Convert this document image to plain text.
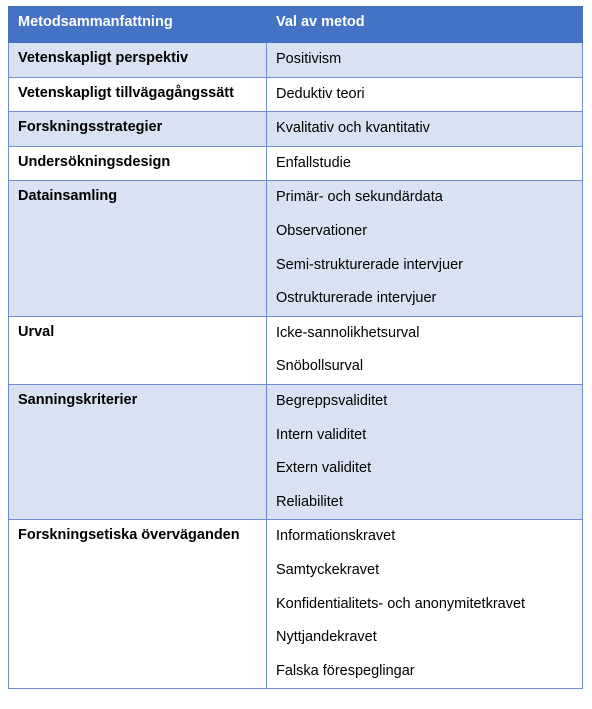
Metodsammanfattning	Val av metod

Vetenskapligt perspektiv	Positivism

Vetenskapligt tillvägagångssätt	Deduktiv teori

Forskningsstrategier	Kvalitativ och kvantitativ

Undersökningsdesign	Enfallstudie

Datainsamling	Primär- och sekundärdata
Observationer
Semi-strukturerade intervjuer
Ostrukturerade intervjuer

Urval	Icke-sannolikhetsurval
Snöbollsurval

Sanningskriterier	Begreppsvaliditet
Intern validitet
Extern validitet
Reliabilitet

Forskningsetiska överväganden	Informationskravet
Samtyckekravet
Konfidentialitets- och anonymitetkravet
Nyttjandekravet
Falska förespeglingar
